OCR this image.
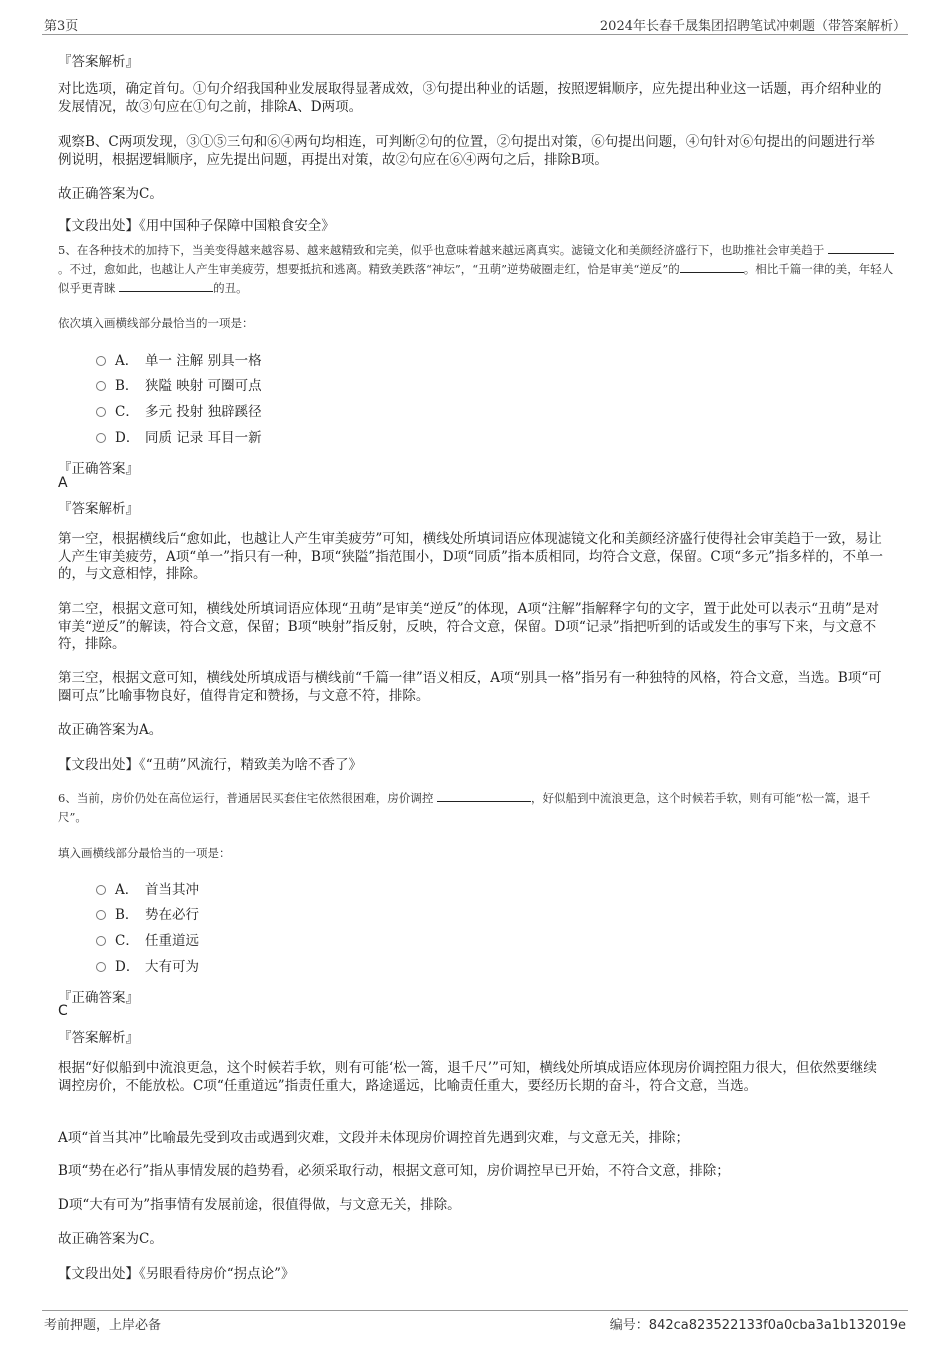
第3页	2024年长春千晟集团招聘笔试冲刺题（带答案解析）
『答案解析』
对比选项，确定首句。①句介绍我国种业发展取得显著成效，③句提出种业的话题，按照逻辑顺序，应先提出种业这一话题，再介绍种业的发展情况，故③句应在①句之前，排除A、D两项。
观察B、C两项发现，③①⑤三句和⑥④两句均相连，可判断②句的位置，②句提出对策，⑥句提出问题，④句针对⑥句提出的问题进行举例说明，根据逻辑顺序，应先提出问题，再提出对策，故②句应在⑥④两句之后，排除B项。
故正确答案为C。
【文段出处】《用中国种子保障中国粮食安全》
5、在各种技术的加持下，当美变得越来越容易、越来越精致和完美，似乎也意味着越来越远离真实。滤镜文化和美颜经济盛行下，也助推社会审美趋于 。不过，愈如此，也越让人产生审美疲劳，想要抵抗和逃离。精致美跌落“神坛”，“丑萌”逆势破圈走红，恰是审美“逆反”的	。相比千篇一律的美，年轻人似乎更青睐	的丑。
依次填入画横线部分最恰当的一项是：
A． 单一 注解 别具一格
B． 狭隘 映射 可圈可点
C． 多元 投射 独辟蹊径
D． 同质 记录 耳目一新
『正确答案』
A
『答案解析』
第一空，根据横线后“愈如此，也越让人产生审美疲劳”可知，横线处所填词语应体现滤镜文化和美颜经济盛行使得社会审美趋于一致，易让人产生审美疲劳，A项“单一”指只有一种，B项“狭隘”指范围小，D项“同质”指本质相同，均符合文意，保留。C项“多元”指多样的，不单一的，与文意相悖，排除。
第二空，根据文意可知，横线处所填词语应体现“丑萌”是审美“逆反”的体现，A项“注解”指解释字句的文字，置于此处可以表示“丑萌”是对审美“逆反”的解读，符合文意，保留；B项“映射”指反射，反映，符合文意，保留。D项“记录”指把听到的话或发生的事写下来，与文意不符，排除。
第三空，根据文意可知，横线处所填成语与横线前“千篇一律”语义相反，A项“别具一格”指另有一种独特的风格，符合文意，当选。B项“可圈可点”比喻事物良好，值得肯定和赞扬，与文意不符，排除。
故正确答案为A。
【文段出处】《“丑萌”风流行，精致美为啥不香了》
6、当前，房价仍处在高位运行，普通居民买套住宅依然很困难，房价调控	，好似船到中流浪更急，这个时候若手软，则有可能“松一篙，退千尺”。
填入画横线部分最恰当的一项是：
A． 首当其冲
B． 势在必行
C． 任重道远
D． 大有可为
『正确答案』
C
『答案解析』
根据“好似船到中流浪更急，这个时候若手软，则有可能‘松一篙，退千尺’”可知，横线处所填成语应体现房价调控阻力很大，但依然要继续调控房价，不能放松。C项“任重道远”指责任重大，路途遥远，比喻责任重大，要经历长期的奋斗，符合文意，当选。
A项“首当其冲”比喻最先受到攻击或遇到灾难，文段并未体现房价调控首先遇到灾难，与文意无关，排除；
B项“势在必行”指从事情发展的趋势看，必须采取行动，根据文意可知，房价调控早已开始，不符合文意，排除；
D项“大有可为”指事情有发展前途，很值得做，与文意无关，排除。
故正确答案为C。
【文段出处】《另眼看待房价“拐点论”》
考前押题，上岸必备	编号：842ca823522133f0a0cba3a1b132019e
